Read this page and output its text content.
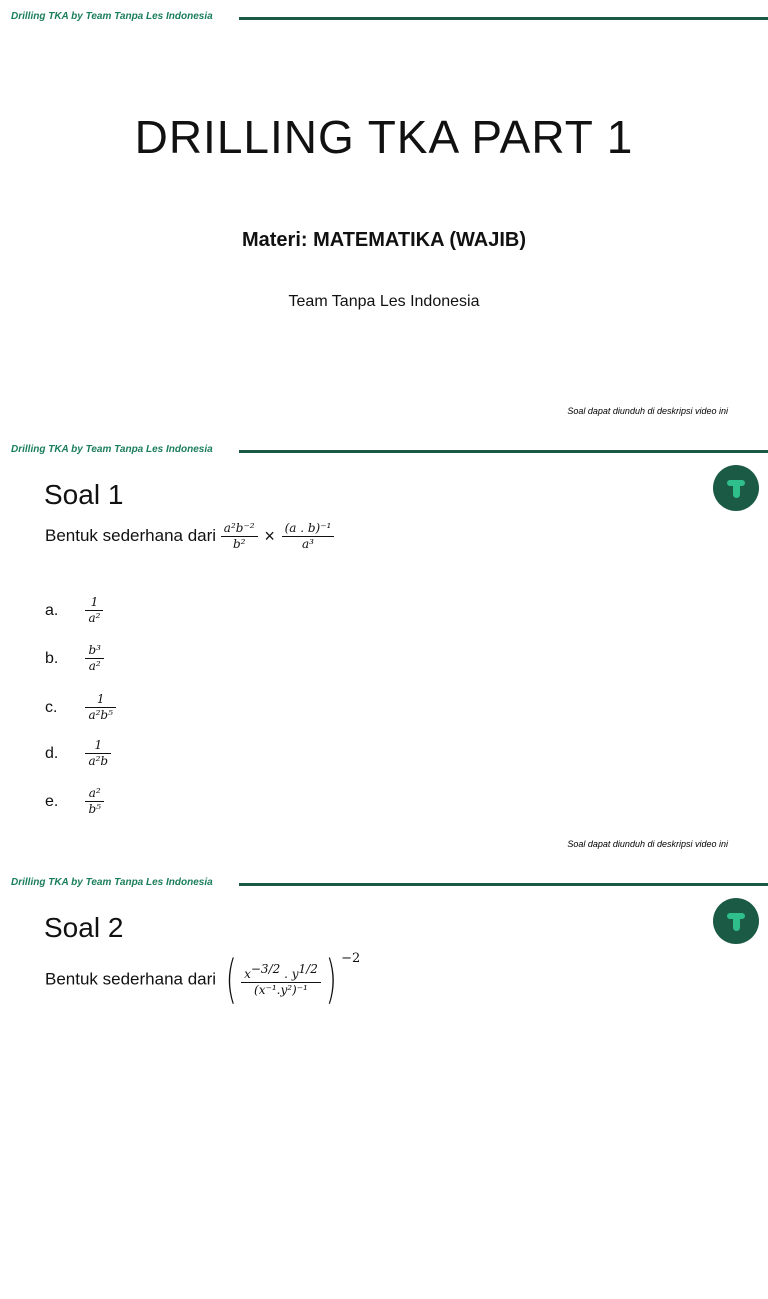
Drilling TKA by Team Tanpa Les Indonesia
DRILLING TKA PART 1
Materi: MATEMATIKA (WAJIB)
Team Tanpa Les Indonesia
Soal dapat diunduh di deskripsi video ini
Drilling TKA by Team Tanpa Les Indonesia
Soal 1
Bentuk sederhana dari $\frac{\text{a²b⁻²}}{\text{b²}} \times \frac{\text{(a . b)⁻¹}}{\text{a³}}$
a. $\frac{1}{\text{a²}}$
b. $\frac{\text{b³}}{\text{a²}}$
c. $\frac{1}{\text{a²b⁵}}$
d. $\frac{1}{\text{a²b}}$
e. $\frac{\text{a²}}{\text{b⁵}}$
Soal dapat diunduh di deskripsi video ini
Drilling TKA by Team Tanpa Les Indonesia
Soal 2
Bentuk sederhana dari ( $\frac{x-3/2 . y1/2}{\text{(x⁻¹.y²)⁻¹}}$ ) $^{-2}$
